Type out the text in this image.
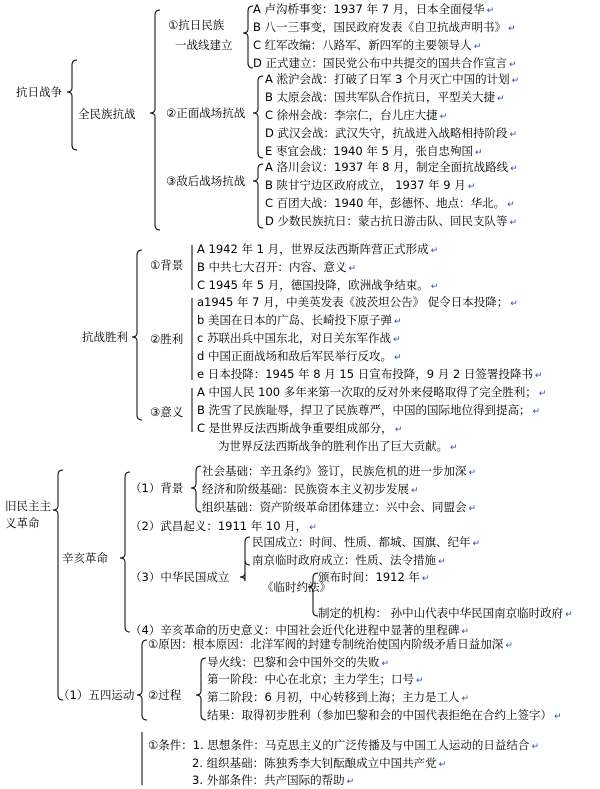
抗日战争
全民族抗战
①抗日民族
一战线建立
A 卢沟桥事变：1937 年 7 月，日本全面侵华 ↵
B 八一三事变，国民政府发表《自卫抗战声明书》 ↵
C 红军改编：八路军、新四军的主要领导人 ↵
D 正式建立：国民党公布中共提交的国共合作宣言 ↵
②正面战场抗战
A 淞沪会战：打破了日军 3 个月灭亡中国的计划 ↵
B 太原会战：国共军队合作抗日，平型关大捷 ↵
C 徐州会战：李宗仁，台儿庄大捷 ↵
D 武汉会战：武汉失守，抗战进入战略相持阶段 ↵
E 枣宜会战：1940 年 5 月，张自忠殉国 ↵
③敌后战场抗战
A 洛川会议：1937 年 8 月，制定全面抗战路线 ↵
B 陕甘宁边区政府成立， 1937 年 9 月 ↵
C 百团大战：1940 年，彭德怀、地点：华北。 ↵
D 少数民族抗日：蒙古抗日游击队、回民支队等 ↵
抗战胜利
①背景
A 1942 年 1 月，世界反法西斯阵营正式形成 ↵
B 中共七大召开：内容、意义 ↵
C 1945 年 5 月，德国投降，欧洲战争结束。 ↵
②胜利
a1945 年 7 月，中美英发表《波茨坦公告》 促令日本投降； ↵
b 美国在日本的广岛、长崎投下原子弹 ↵
c 苏联出兵中国东北，对日关东军作战 ↵
d 中国正面战场和敌后军民举行反攻。 ↵
e 日本投降：1945 年 8 月 15 日宣布投降，9 月 2 日签署投降书 ↵
③意义
A 中国人民 100 多年来第一次取的反对外来侵略取得了完全胜利； ↵
B 洗雪了民族耻辱，捍卫了民族尊严，中国的国际地位得到提高； ↵
C 是世界反法西斯战争重要组成部分， ↵
为世界反法西斯战争的胜利作出了巨大贡献。 ↵
旧民主主
义革命
辛亥革命
（1）背景
社会基础：辛丑条约》签订，民族危机的进一步加深 ↵
经济和阶级基础：民族资本主义初步发展 ↵
组织基础：资产阶级革命团体建立：兴中会、同盟会 ↵
（2）武昌起义：1911 年 10 月， ↵
（3）中华民国成立
民国成立：时间、性质、都城、国旗、纪年 ↵
南京临时政府成立：性质、法令措施 ↵
《临时约法》
颁布时间：1912 年 ↵
制定的机构： 孙中山代表中华民国南京临时政府 ↵
（4）辛亥革命的历史意义：中国社会近代化进程中显著的里程碑 ↵
（1）五四运动
①原因：根本原因：北洋军阀的封建专制统治使国内阶级矛盾日益加深 ↵
导火线：巴黎和会中国外交的失败 ↵
②过程
第一阶段：中心在北京；主力学生；口号 ↵
第二阶段：6 月初，中心转移到上海；主力是工人 ↵
结果：取得初步胜利（参加巴黎和会的中国代表拒绝在合约上签字） ↵
①条件：1. 思想条件：马克思主义的广泛传播及与中国工人运动的日益结合 ↵
2. 组织基础：陈独秀李大钊酝酿成立中国共产党 ↵
3. 外部条件：共产国际的帮助 ↵
